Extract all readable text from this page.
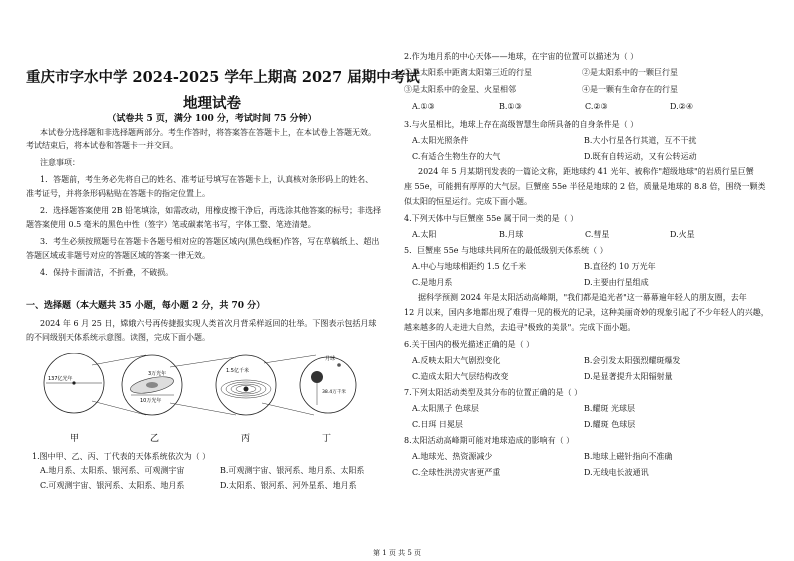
重庆市字水中学 2024-2025 学年上期高 2027 届期中考试
地理试卷
（试卷共 5 页，满分 100 分，考试时间 75 分钟）
本试卷分选择题和非选择题两部分。考生作答时，将答案答在答题卡上，在本试卷上答题无效。
考试结束后，将本试卷和答题卡一并交回。
注意事项：
1．答题前，考生务必先将自己的姓名、准考证号填写在答题卡上，认真核对条形码上的姓名、
准考证号，并将条形码粘贴在答题卡的指定位置上。
2．选择题答案使用 2B 铅笔填涂，如需改动，用橡皮擦干净后，再选涂其他答案的标号；非选择
题答案使用 0.5 毫米的黑色中性（签字）笔或碳素笔书写，字体工整、笔迹清楚。
3．考生必须按照题号在答题卡各题号相对应的答题区域内(黑色线框)作答，写在草稿纸上、超出
答题区域或非题号对应的答题区域的答案一律无效。
4．保持卡面清洁，不折叠，不破损。
一、选择题（本大题共 35 小题，每小题 2 分，共 70 分）
2024 年 6 月 25 日，嫦娥六号再传捷报实现人类首次月背采样返回的壮举。下图表示包括月球
的不同级别天体系统示意图。读图，完成下面小题。
137亿光年
3万光年
10万光年
1.5亿千米
月球
38.4万千米
甲	乙	丙	丁
1.图中甲、乙、丙、丁代表的天体系统依次为（ ）
A.地月系、太阳系、银河系、可观测宇宙	B.可观测宇宙、银河系、地月系、太阳系
C.可观测宇宙、银河系、太阳系、地月系	D.太阳系、银河系、河外星系、地月系
2.作为地月系的中心天体——地球，在宇宙的位置可以描述为（ ）
①是太阳系中距离太阳第三近的行星	②是太阳系中的一颗巨行星
③是太阳系中的金星、火星相邻	④是一颗有生命存在的行星
A.①③	B.①③	C.②③	D.②④
3.与火星相比，地球上存在高级智慧生命所具备的自身条件是（ ）
A.太阳光照条件	B.大小行星各行其道，互不干扰
C.有适合生物生存的大气	D.既有自转运动，又有公转运动
2024 年 5 月某期刊发表的一篇论文称，距地球约 41 光年、被称作"超级地球"的岩质行星巨蟹
座 55e，可能拥有厚厚的大气层。巨蟹座 55e 半径是地球的 2 倍，质量是地球的 8.8 倍，围绕一颗类
似太阳的恒星运行。完成下面小题。
4.下列天体中与巨蟹座 55e 属于同一类的是（ ）
A.太阳	B.月球	C.彗星	D.火星
5．巨蟹座 55e 与地球共同所在的最低级别天体系统（ ）
A.中心与地球相距约 1.5 亿千米	B.直径约 10 万光年
C.是地月系	D.主要由行星组成
据科学预测 2024 年是太阳活动高峰期，"我们都是追光者"这一幕幕遍年轻人的朋友圈，去年
12 月以来，国内多地都出现了难得一见的极光的记录，这种美丽奇妙的现象引起了不少年轻人的兴趣，
越来越多的人走进大自然，去追寻"极致的美景"。完成下面小题。
6.关于国内的极光描述正确的是（ ）
A.反映太阳大气剧烈变化	B.会引发太阳强烈耀斑爆发
C.造成太阳大气层结构改变	D.是显著提升太阳辐射量
7.下列太阳活动类型及其分布的位置正确的是（ ）
A.太阳黑子 色球层	B.耀斑 光球层
C.日珥 日冕层	D.耀斑 色球层
8.太阳活动高峰期可能对地球造成的影响有（ ）
A.地球光、热资源减少	B.地球上磁针指向不准确
C.全球性洪涝灾害更严重	D.无线电长波通讯
第 1 页 共 5 页
